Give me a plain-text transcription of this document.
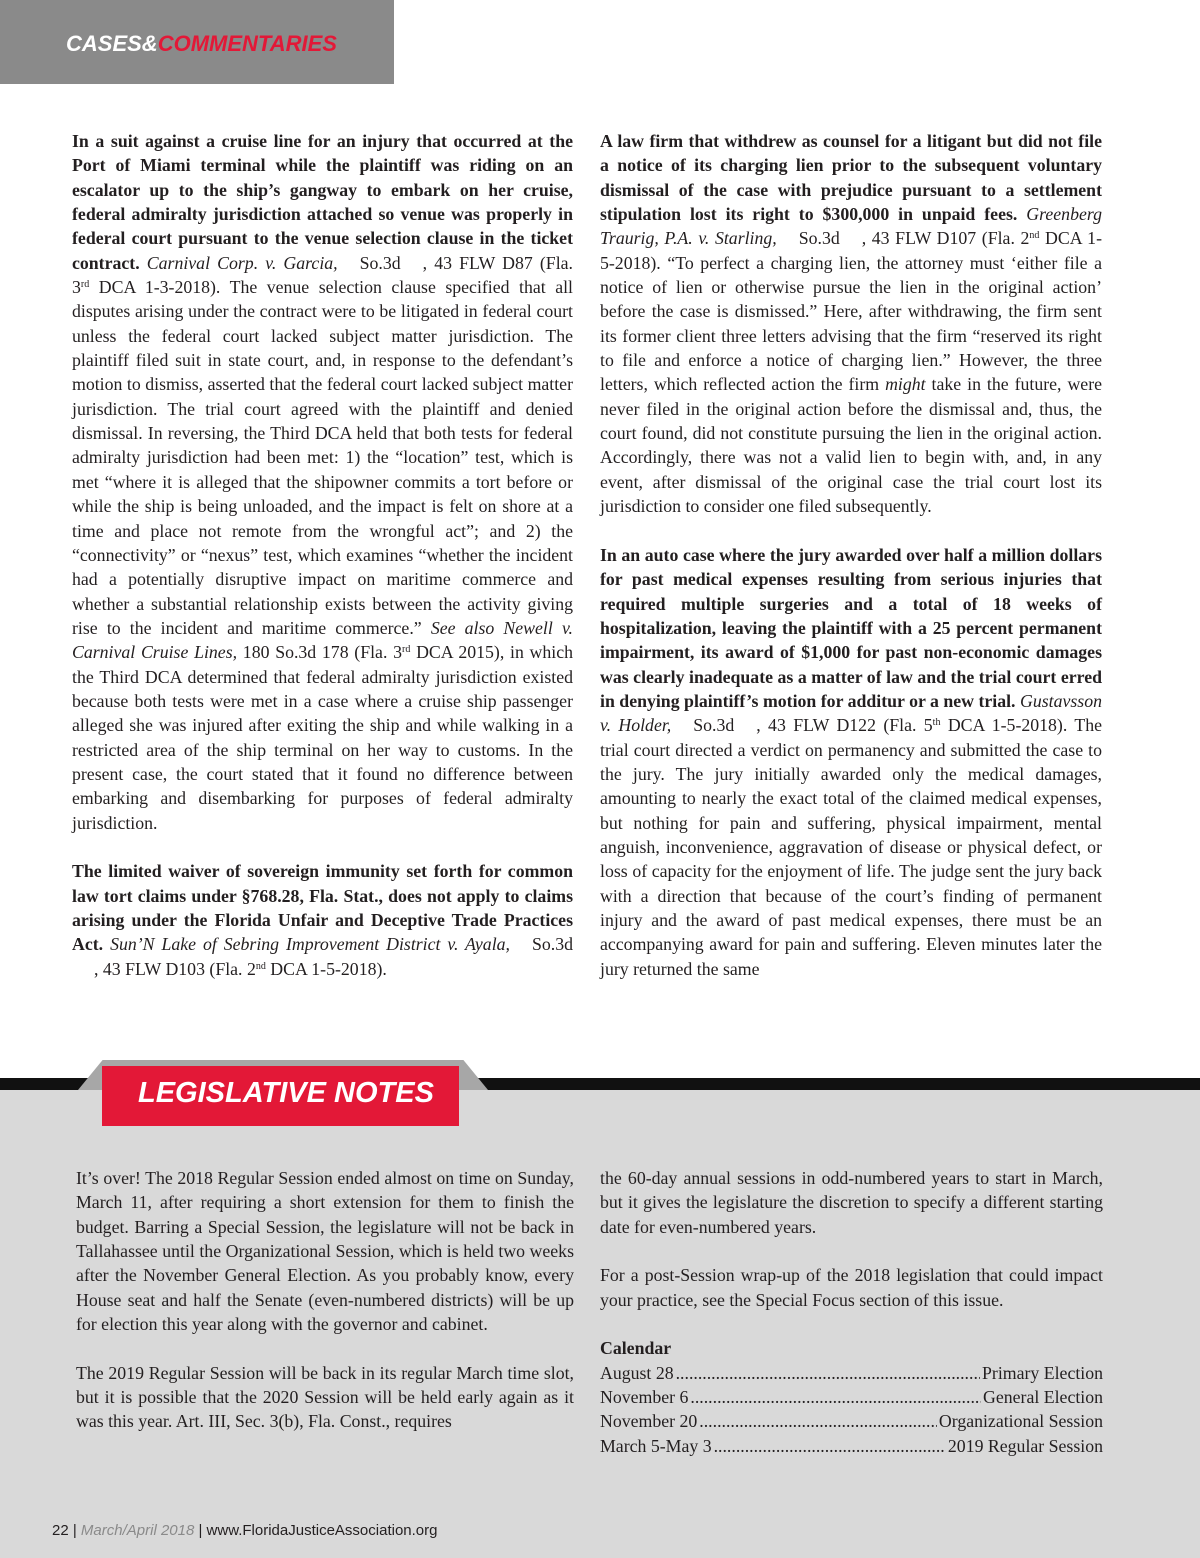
CASES&COMMENTARIES

In a suit against a cruise line for an injury that occurred at the Port of Miami terminal while the plaintiff was riding on an escalator up to the ship’s gangway to embark on her cruise, federal admiralty jurisdiction attached so venue was properly in federal court pursuant to the venue selection clause in the ticket contract. Carnival Corp. v. Garcia, So.3d , 43 FLW D87 (Fla. 3rd DCA 1-3-2018). The venue selection clause specified that all disputes arising under the contract were to be litigated in federal court unless the federal court lacked subject matter jurisdiction. The plaintiff filed suit in state court, and, in response to the defendant’s motion to dismiss, asserted that the federal court lacked subject matter jurisdiction. The trial court agreed with the plaintiff and denied dismissal. In reversing, the Third DCA held that both tests for federal admiralty jurisdiction had been met: 1) the “location” test, which is met “where it is alleged that the shipowner commits a tort before or while the ship is being unloaded, and the impact is felt on shore at a time and place not remote from the wrongful act”; and 2) the “connectivity” or “nexus” test, which examines “whether the incident had a potentially disruptive impact on maritime commerce and whether a substantial relationship exists between the activity giving rise to the incident and maritime commerce.” See also Newell v. Carnival Cruise Lines, 180 So.3d 178 (Fla. 3rd DCA 2015), in which the Third DCA determined that federal admiralty jurisdiction existed because both tests were met in a case where a cruise ship passenger alleged she was injured after exiting the ship and while walking in a restricted area of the ship terminal on her way to customs. In the present case, the court stated that it found no difference between embarking and disembarking for purposes of federal admiralty jurisdiction.

The limited waiver of sovereign immunity set forth for common law tort claims under §768.28, Fla. Stat., does not apply to claims arising under the Florida Unfair and Deceptive Trade Practices Act. Sun’N Lake of Sebring Improvement District v. Ayala, So.3d, 43 FLW D103 (Fla. 2nd DCA 1-5-2018).

A law firm that withdrew as counsel for a litigant but did not file a notice of its charging lien prior to the subsequent voluntary dismissal of the case with prejudice pursuant to a settlement stipulation lost its right to $300,000 in unpaid fees. Greenberg Traurig, P.A. v. Starling, So.3d , 43 FLW D107 (Fla. 2nd DCA 1-5-2018). “To perfect a charging lien, the attorney must ‘either file a notice of lien or otherwise pursue the lien in the original action’ before the case is dismissed.” Here, after withdrawing, the firm sent its former client three letters advising that the firm “reserved its right to file and enforce a notice of charging lien.” However, the three letters, which reflected action the firm might take in the future, were never filed in the original action before the dismissal and, thus, the court found, did not constitute pursuing the lien in the original action. Accordingly, there was not a valid lien to begin with, and, in any event, after dismissal of the original case the trial court lost its jurisdiction to consider one filed subsequently.

In an auto case where the jury awarded over half a million dollars for past medical expenses resulting from serious injuries that required multiple surgeries and a total of 18 weeks of hospitalization, leaving the plaintiff with a 25 percent permanent impairment, its award of $1,000 for past non-economic damages was clearly inadequate as a matter of law and the trial court erred in denying plaintiff’s motion for additur or a new trial. Gustavsson v. Holder, So.3d , 43 FLW D122 (Fla. 5th DCA 1-5-2018). The trial court directed a verdict on permanency and submitted the case to the jury. The jury initially awarded only the medical damages, amounting to nearly the exact total of the claimed medical expenses, but nothing for pain and suffering, physical impairment, mental anguish, inconvenience, aggravation of disease or physical defect, or loss of capacity for the enjoyment of life. The judge sent the jury back with a direction that because of the court’s finding of permanent injury and the award of past medical expenses, there must be an accompanying award for pain and suffering. Eleven minutes later the jury returned the same

LEGISLATIVE NOTES

It’s over! The 2018 Regular Session ended almost on time on Sunday, March 11, after requiring a short extension for them to finish the budget. Barring a Special Session, the legislature will not be back in Tallahassee until the Organizational Session, which is held two weeks after the November General Election. As you probably know, every House seat and half the Senate (even-numbered districts) will be up for election this year along with the governor and cabinet.

The 2019 Regular Session will be back in its regular March time slot, but it is possible that the 2020 Session will be held early again as it was this year. Art. III, Sec. 3(b), Fla. Const., requires

the 60-day annual sessions in odd-numbered years to start in March, but it gives the legislature the discretion to specify a different starting date for even-numbered years.

For a post-Session wrap-up of the 2018 legislation that could impact your practice, see the Special Focus section of this issue.

Calendar

August 28 .....	Primary Election
November 6 .....	General Election
November 20 .....	Organizational Session
March 5-May 3 .....	2019 Regular Session
22 | March/April 2018 | www.FloridaJusticeAssociation.org
